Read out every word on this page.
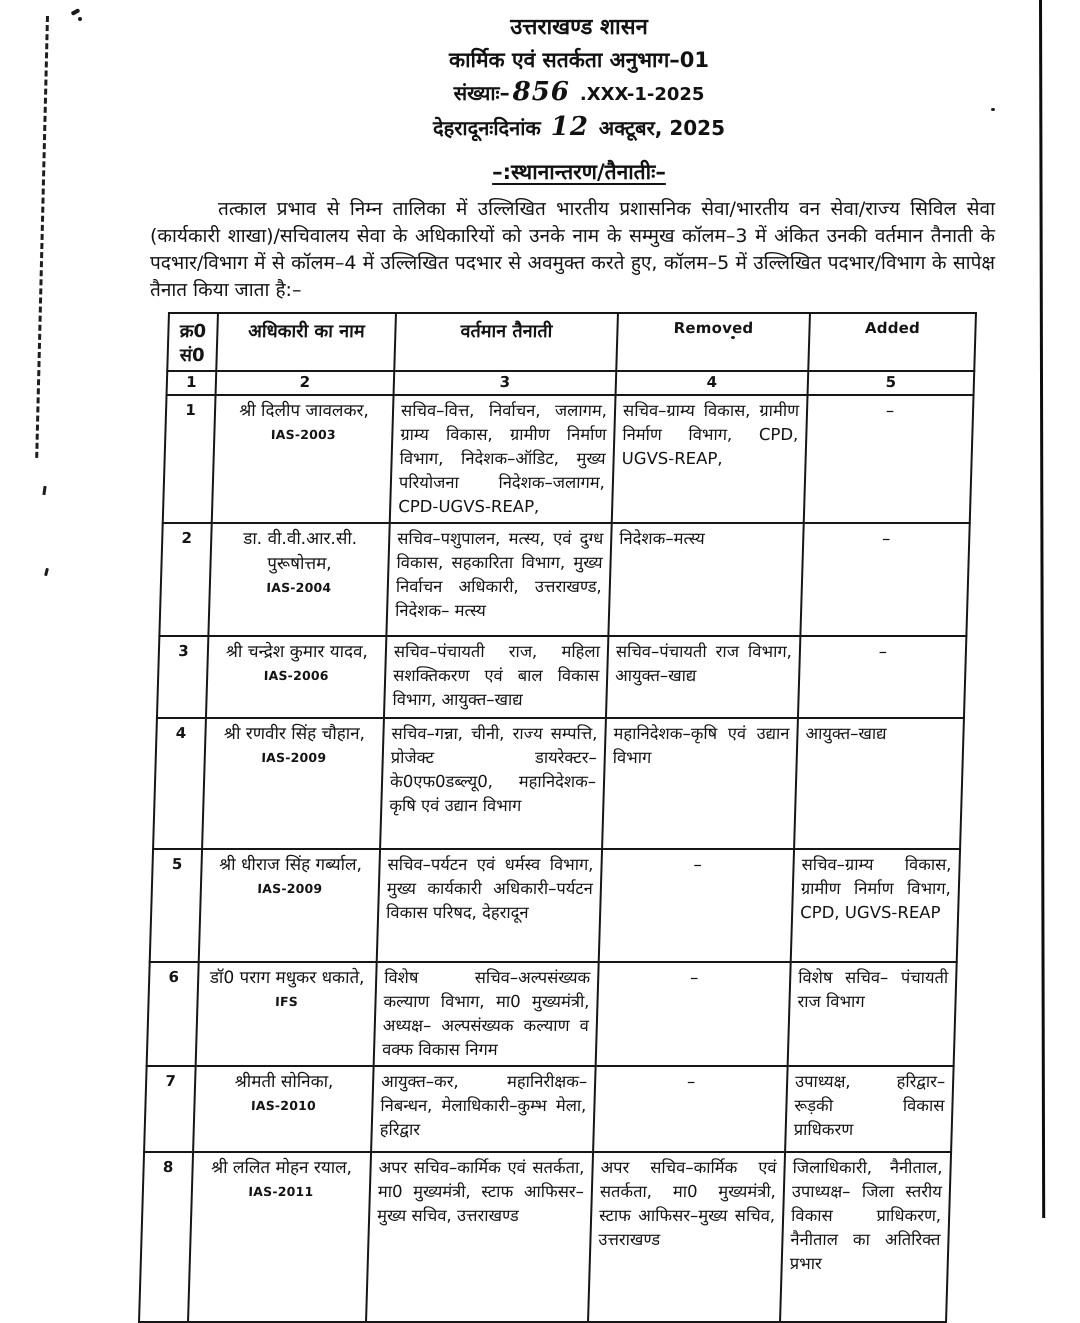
उत्तराखण्ड शासन
कार्मिक एवं सतर्कता अनुभाग–01
संख्याः– 856 .XXX-1-2025
देहरादूनःदिनांक 12 अक्टूबर, 2025
–:स्थानान्तरण/तैनातीः–

तत्काल प्रभाव से निम्न तालिका में उल्लिखित भारतीय प्रशासनिक सेवा/भारतीय वन सेवा/राज्य सिविल सेवा (कार्यकारी शाखा)/सचिवालय सेवा के अधिकारियों को उनके नाम के सम्मुख कॉलम–3 में अंकित उनकी वर्तमान तैनाती के पदभार/विभाग में से कॉलम–4 में उल्लिखित पदभार से अवमुक्त करते हुए, कॉलम–5 में उल्लिखित पदभार/विभाग के सापेक्ष तैनात किया जाता है:–

क्र0 सं0	अधिकारी का नाम	वर्तमान तैनाती	Removed	Added
1	2	3	4	5
1	श्री दिलीप जावलकर,
IAS-2003	सचिव–वित्त, निर्वाचन, जलागम, ग्राम्य विकास, ग्रामीण निर्माण विभाग, निदेशक–ऑडिट, मुख्य परियोजना निदेशक–जलागम, CPD-UGVS-REAP,	सचिव–ग्राम्य विकास, ग्रामीण निर्माण विभाग, CPD, UGVS-REAP,	–

2	डा. वी.वी.आर.सी. पुरूषोत्तम,
IAS-2004	सचिव–पशुपालन, मत्स्य, एवं दुग्ध विकास, सहकारिता विभाग, मुख्य निर्वाचन अधिकारी, उत्तराखण्ड, निदेशक– मत्स्य	निदेशक–मत्स्य	–

3	श्री चन्द्रेश कुमार यादव,
IAS-2006	सचिव–पंचायती राज, महिला सशक्तिकरण एवं बाल विकास विभाग, आयुक्त–खाद्य	सचिव–पंचायती राज विभाग, आयुक्त–खाद्य	–

4	श्री रणवीर सिंह चौहान,
IAS-2009	सचिव–गन्ना, चीनी, राज्य सम्पत्ति, प्रोजेक्ट डायरेक्टर– के0एफ0डब्ल्यू0, महानिदेशक–कृषि एवं उद्यान विभाग	महानिदेशक–कृषि एवं उद्यान विभाग	आयुक्त–खाद्य

5	श्री धीराज सिंह गर्ब्याल,
IAS-2009	सचिव–पर्यटन एवं धर्मस्व विभाग, मुख्य कार्यकारी अधिकारी–पर्यटन विकास परिषद, देहरादून	–	सचिव–ग्राम्य विकास, ग्रामीण निर्माण विभाग, CPD, UGVS-REAP

6	डॉ0 पराग मधुकर धकाते,
IFS	विशेष सचिव–अल्पसंख्यक कल्याण विभाग, मा0 मुख्यमंत्री, अध्यक्ष– अल्पसंख्यक कल्याण व वक्फ विकास निगम	–	विशेष सचिव– पंचायती राज विभाग

7	श्रीमती सोनिका,
IAS-2010	आयुक्त–कर, महानिरीक्षक– निबन्धन, मेलाधिकारी–कुम्भ मेला, हरिद्वार	–	उपाध्यक्ष, हरिद्वार– रूड़की विकास प्राधिकरण

8	श्री ललित मोहन रयाल,
IAS-2011	अपर सचिव–कार्मिक एवं सतर्कता, मा0 मुख्यमंत्री, स्टाफ आफिसर–मुख्य सचिव, उत्तराखण्ड	अपर सचिव–कार्मिक एवं सतर्कता, मा0 मुख्यमंत्री, स्टाफ आफिसर–मुख्य सचिव, उत्तराखण्ड	जिलाधिकारी, नैनीताल, उपाध्यक्ष– जिला स्तरीय विकास प्राधिकरण, नैनीताल का अतिरिक्त प्रभार
